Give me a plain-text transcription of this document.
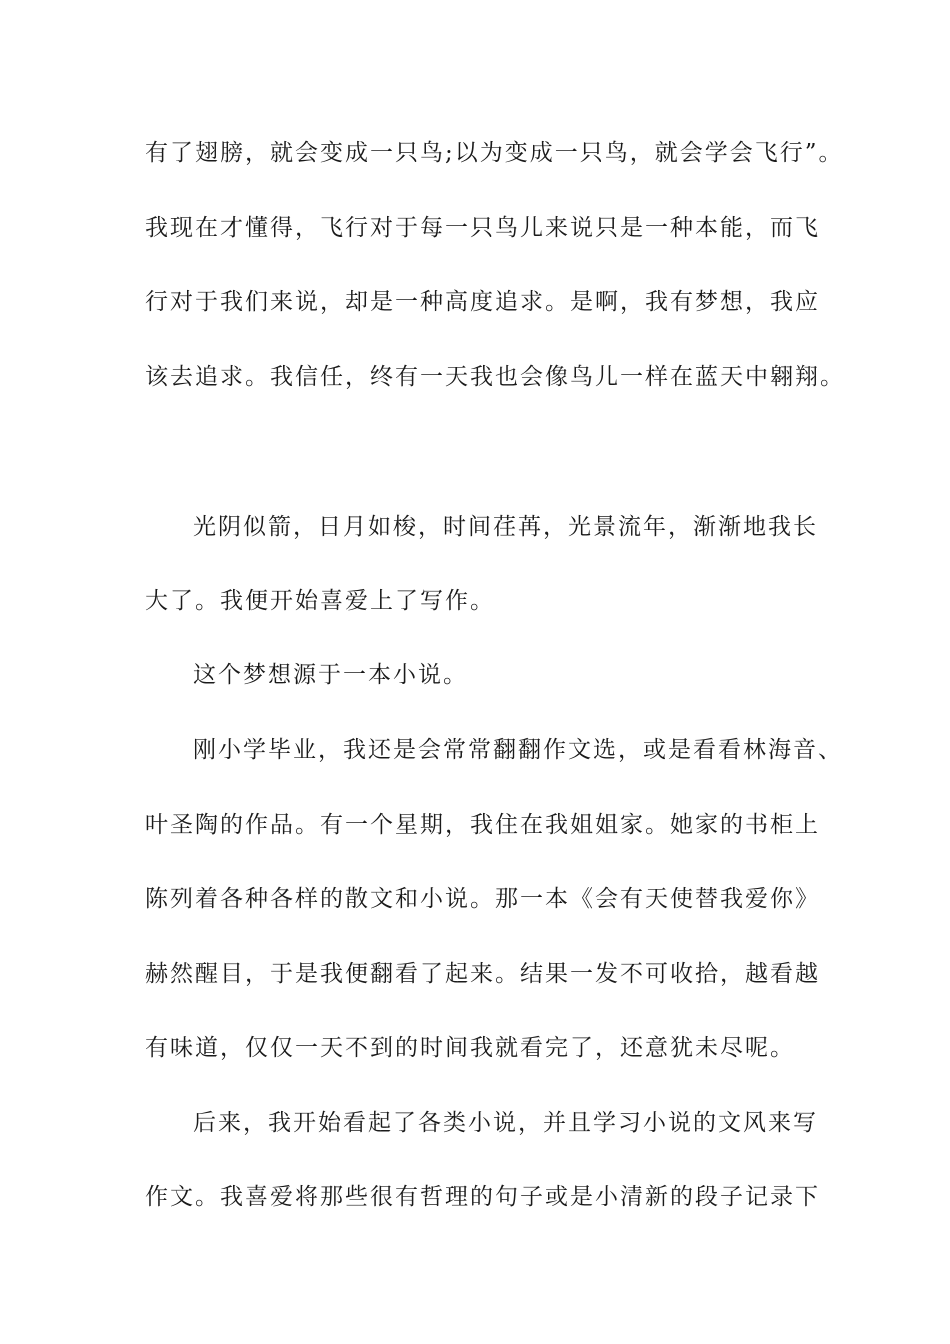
有了翅膀，就会变成一只鸟;以为变成一只鸟，就会学会飞行”。
我现在才懂得，飞行对于每一只鸟儿来说只是一种本能，而飞
行对于我们来说，却是一种高度追求。是啊，我有梦想，我应
该去追求。我信任，终有一天我也会像鸟儿一样在蓝天中翱翔。
光阴似箭，日月如梭，时间荏苒，光景流年，渐渐地我长
大了。我便开始喜爱上了写作。
这个梦想源于一本小说。
刚小学毕业，我还是会常常翻翻作文选，或是看看林海音、
叶圣陶的作品。有一个星期，我住在我姐姐家。她家的书柜上
陈列着各种各样的散文和小说。那一本《会有天使替我爱你》
赫然醒目，于是我便翻看了起来。结果一发不可收拾，越看越
有味道，仅仅一天不到的时间我就看完了，还意犹未尽呢。
后来，我开始看起了各类小说，并且学习小说的文风来写
作文。我喜爱将那些很有哲理的句子或是小清新的段子记录下
